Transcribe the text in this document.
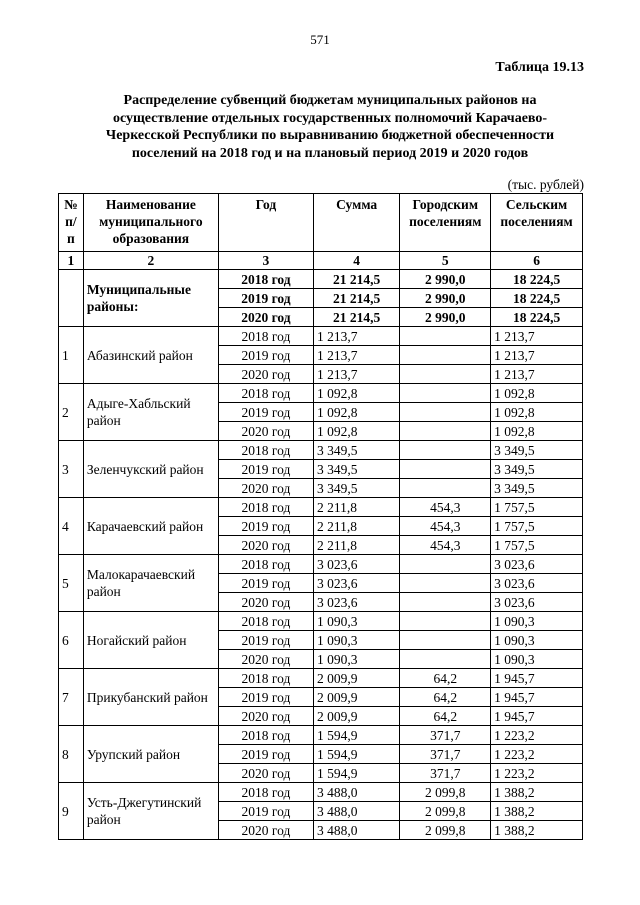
571
Таблица 19.13
Распределение субвенций бюджетам муниципальных районов на
осуществление отдельных государственных полномочий Карачаево-
Черкесской Республики по выравниванию бюджетной обеспеченности
поселений на 2018 год и на плановый период 2019 и 2020 годов
(тыс. рублей)
№ п/п	Наименование муниципального образования	Год	Сумма	Городским поселениям	Сельским поселениям
1	2	3	4	5	6
	Муниципальные районы:	2018 год	21 214,5	2 990,0	18 224,5
		2019 год	21 214,5	2 990,0	18 224,5
		2020 год	21 214,5	2 990,0	18 224,5
1	Абазинский район	2018 год	1 213,7		1 213,7
		2019 год	1 213,7		1 213,7
		2020 год	1 213,7		1 213,7
2	Адыге-Хабльский район	2018 год	1 092,8		1 092,8
		2019 год	1 092,8		1 092,8
		2020 год	1 092,8		1 092,8
3	Зеленчукский район	2018 год	3 349,5		3 349,5
		2019 год	3 349,5		3 349,5
		2020 год	3 349,5		3 349,5
4	Карачаевский район	2018 год	2 211,8	454,3	1 757,5
		2019 год	2 211,8	454,3	1 757,5
		2020 год	2 211,8	454,3	1 757,5
5	Малокарачаевский район	2018 год	3 023,6		3 023,6
		2019 год	3 023,6		3 023,6
		2020 год	3 023,6		3 023,6
6	Ногайский район	2018 год	1 090,3		1 090,3
		2019 год	1 090,3		1 090,3
		2020 год	1 090,3		1 090,3
7	Прикубанский район	2018 год	2 009,9	64,2	1 945,7
		2019 год	2 009,9	64,2	1 945,7
		2020 год	2 009,9	64,2	1 945,7
8	Урупский район	2018 год	1 594,9	371,7	1 223,2
		2019 год	1 594,9	371,7	1 223,2
		2020 год	1 594,9	371,7	1 223,2
9	Усть-Джегутинский район	2018 год	3 488,0	2 099,8	1 388,2
		2019 год	3 488,0	2 099,8	1 388,2
		2020 год	3 488,0	2 099,8	1 388,2
